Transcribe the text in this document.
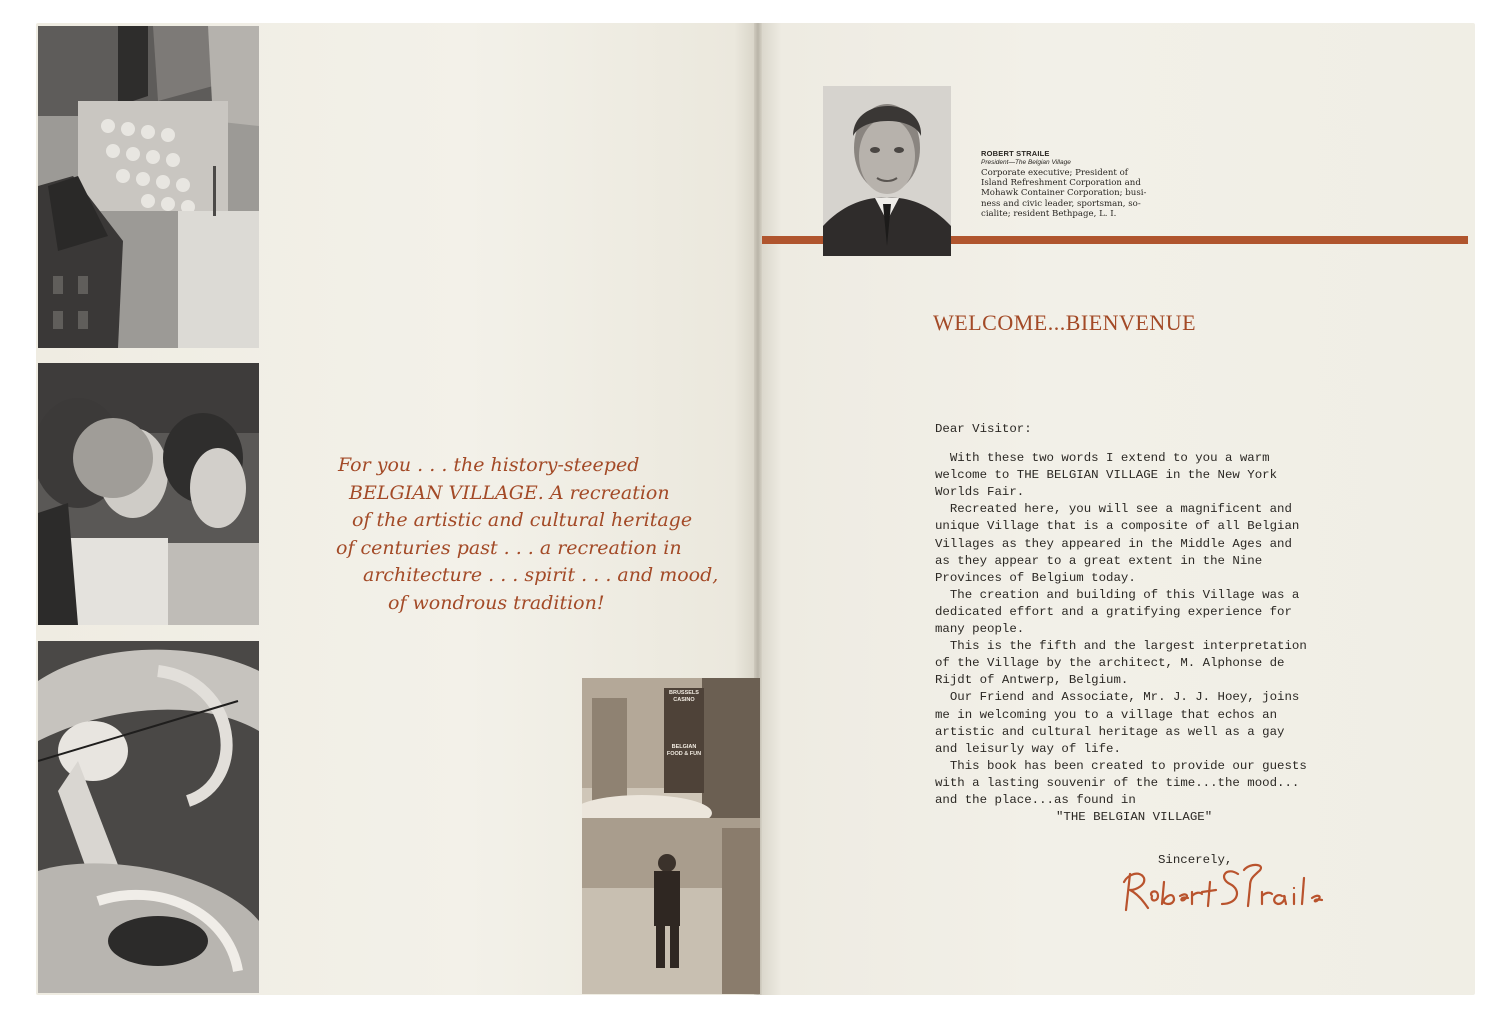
BRUSSELS
CASINO
BELGIAN
FOOD & FUN
For you . . . the history-steeped
BELGIAN VILLAGE. A recreation
of the artistic and cultural heritage
of centuries past . . . a recreation in
architecture . . . spirit . . . and mood,
of wondrous tradition!
ROBERT STRAILE
President—The Belgian Village
Corporate executive; President of
Island Refreshment Corporation and
Mohawk Container Corporation; busi-
ness and civic leader, sportsman, so-
cialite; resident Bethpage, L. I.
WELCOME...BIENVENUE
Dear Visitor:
With these two words I extend to you a warm
welcome to THE BELGIAN VILLAGE in the New York
Worlds Fair.
Recreated here, you will see a magnificent and
unique Village that is a composite of all Belgian
Villages as they appeared in the Middle Ages and
as they appear to a great extent in the Nine
Provinces of Belgium today.
The creation and building of this Village was a
dedicated effort and a gratifying experience for
many people.
This is the fifth and the largest interpretation
of the Village by the architect, M. Alphonse de
Rijdt of Antwerp, Belgium.
Our Friend and Associate, Mr. J. J. Hoey, joins
me in welcoming you to a village that echos an
artistic and cultural heritage as well as a gay
and leisurly way of life.
This book has been created to provide our guests
with a lasting souvenir of the time...the mood...
and the place...as found in
"THE BELGIAN VILLAGE"
Sincerely,
